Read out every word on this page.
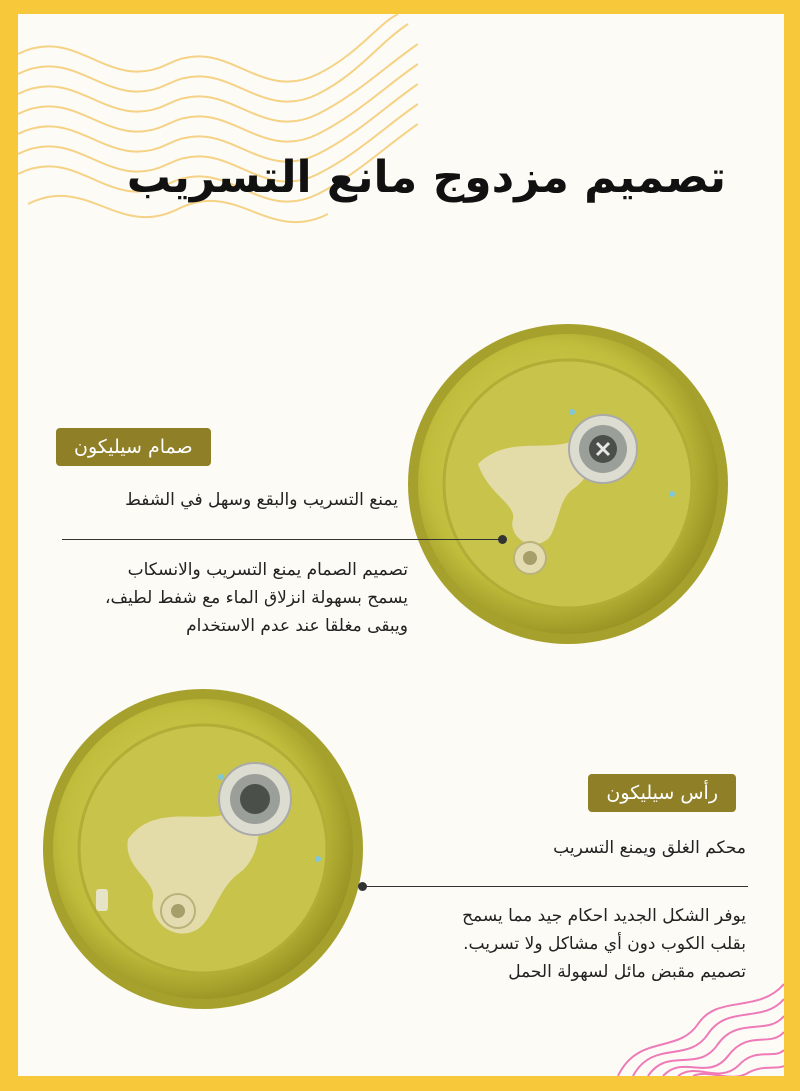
تصميم مزدوج مانع التسريب
صمام سيليكون
يمنع التسريب والبقع وسهل في الشفط
تصميم الصمام يمنع التسريب والانسكاب
يسمح بسهولة انزلاق الماء مع شفط لطيف،
ويبقى مغلقا عند عدم الاستخدام
رأس سيليكون
محكم الغلق ويمنع التسريب
يوفر الشكل الجديد احكام جيد مما يسمح
بقلب الكوب دون أي مشاكل ولا تسريب.
تصميم مقبض مائل لسهولة الحمل
